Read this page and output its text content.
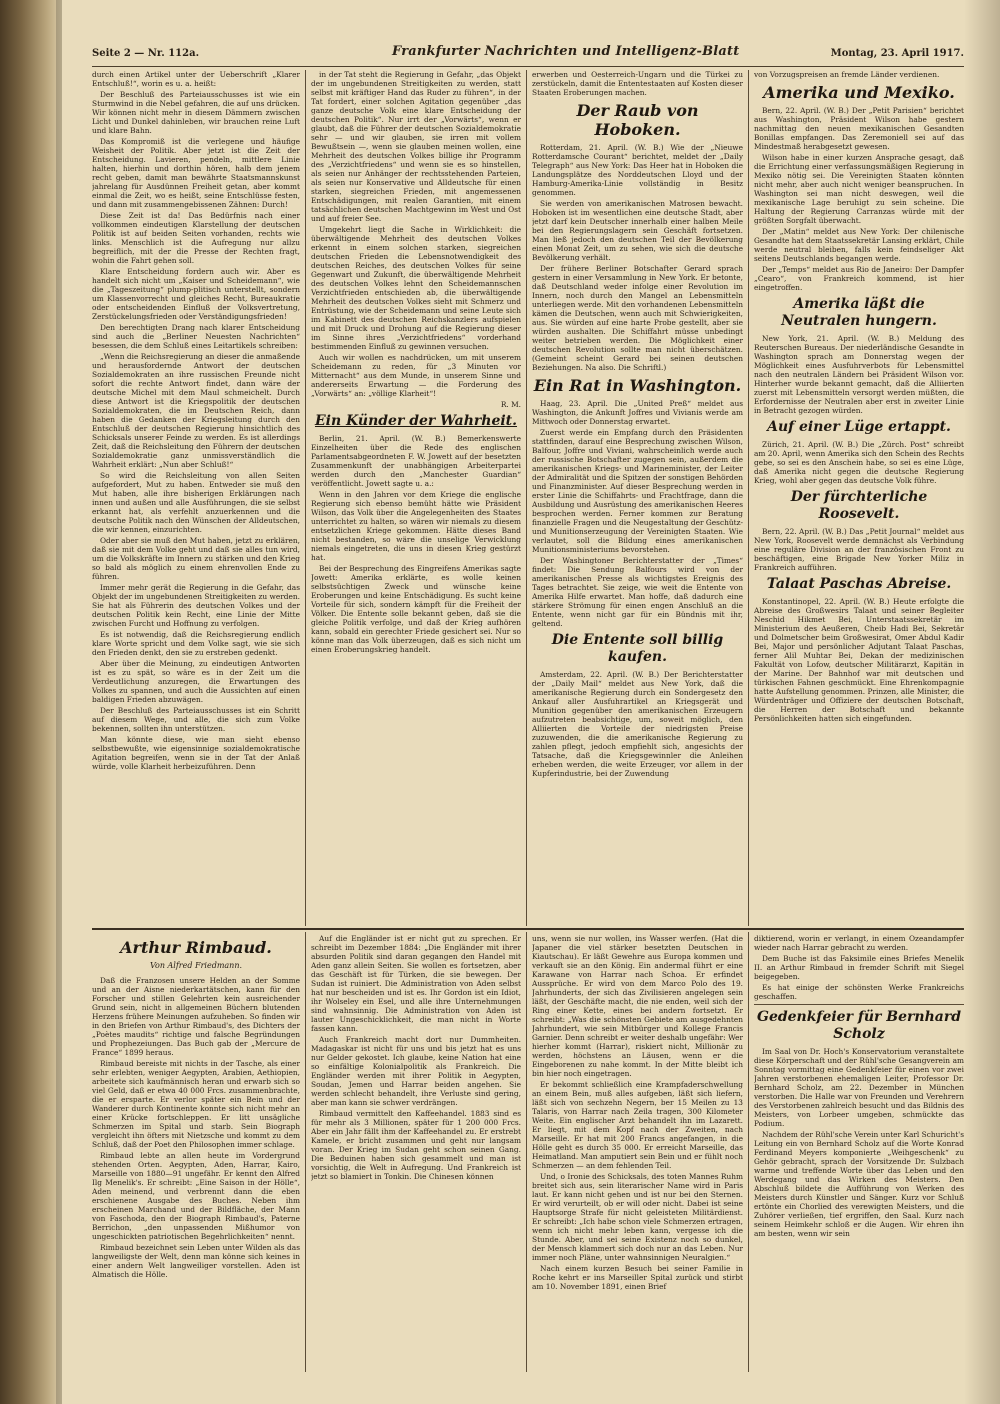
Seite 2 — Nr. 112a.	Frankfurter Nachrichten und Intelligenz-Blatt	Montag, 23. April 1917.

durch einen Artikel unter der Ueberschrift „Klarer Entschluß!“, worin es u. a. heißt:

Der Beschluß des Parteiausschusses ist wie ein Sturmwind in die Nebel gefahren, die auf uns drücken. Wir können nicht mehr in diesem Dämmern zwischen Licht und Dunkel dahinleben, wir brauchen reine Luft und klare Bahn.

Das Kompromiß ist die verlegene und häufige Weisheit der Politik. Aber jetzt ist die Zeit der Entscheidung. Lavieren, pendeln, mittlere Linie halten, hierhin und dorthin hören, halb dem jenem recht geben, damit man bewährte Staatsmannskunst jahrelang für Ausdünnen Freiheit getan, aber kommt einmal die Zeit, wo es heißt, seine Entschlüsse festen, und dann mit zusammengebissenen Zähnen: Durch!

Diese Zeit ist da! Das Bedürfnis nach einer vollkommen eindeutigen Klarstellung der deutschen Politik ist auf beiden Seiten vorhanden, rechts wie links. Menschlich ist die Aufregung nur allzu begreiflich, mit der die Presse der Rechten fragt, wohin die Fahrt gehen soll.

Klare Entscheidung fordern auch wir. Aber es handelt sich nicht um „Kaiser und Scheidemann“, wie die „Tageszeitung“ plump-plitisch unterstellt, sondern um Klassenvorrecht und gleiches Recht, Bureaukratie oder entscheidenden Einfluß der Volksvertretung, Zerstückelungsfrieden oder Verständigungsfrieden!

Den berechtigten Drang nach klarer Entscheidung sind auch die „Berliner Neuesten Nachrichten“ besessen, die dem Schluß eines Leitartikels schreiben:

„Wenn die Reichsregierung an dieser die anmaßende und herausfordernde Antwort der deutschen Sozialdemokraten an ihre russischen Freunde nicht sofort die rechte Antwort findet, dann wäre der deutsche Michel mit dem Maul schmeichelt. Durch diese Antwort ist die Kriegspolitik der deutschen Sozialdemokraten, die im Deutschen Reich, dann haben die Gedanken der Kriegsleitung durch den Entschluß der deutschen Regierung hinsichtlich des Schicksals unserer Feinde zu werden. Es ist allerdings Zeit, daß die Reichsleitung den Führern der deutschen Sozialdemokratie ganz unmissverständlich die Wahrheit erklärt: „Nun aber Schluß!“

So wird die Reichsleitung von allen Seiten aufgefordert, Mut zu haben. Entweder sie muß den Mut haben, alle ihre bisherigen Erklärungen nach innen und außen und alle Ausführungen, die sie selbst erkannt hat, als verfehlt anzuerkennen und die deutsche Politik nach den Wünschen der Alldeutschen, die wir kennen, einzurichten.

Oder aber sie muß den Mut haben, jetzt zu erklären, daß sie mit dem Volke geht und daß sie alles tun wird, um die Volkskräfte im Innern zu stärken und den Krieg so bald als möglich zu einem ehrenvollen Ende zu führen.

Immer mehr gerät die Regierung in die Gefahr, das Objekt der im ungebundenen Streitigkeiten zu werden. Sie hat als Führerin des deutschen Volkes und der deutschen Politik kein Recht, eine Linie der Mitte zwischen Furcht und Hoffnung zu verfolgen.

Es ist notwendig, daß die Reichsregierung endlich klare Worte spricht und dem Volke sagt, wie sie sich den Frieden denkt, den sie zu erstreben gedenkt.

Aber über die Meinung, zu eindeutigen Antworten ist es zu spät, so wäre es in der Zeit um die Verdeutlichung anzuregen, die Erwartungen des Volkes zu spannen, und auch die Aussichten auf einen baldigen Frieden abzuwägen.

Der Beschluß des Parteiausschusses ist ein Schritt auf diesem Wege, und alle, die sich zum Volke bekennen, sollten ihn unterstützen.

Man könnte diese, wie man sieht ebenso selbstbewußte, wie eigensinnige sozialdemokratische Agitation begreifen, wenn sie in der Tat der Anlaß würde, volle Klarheit herbeizuführen. Denn

in der Tat steht die Regierung in Gefahr, „das Objekt der im ungebundenen Streitigkeiten zu werden, statt selbst mit kräftiger Hand das Ruder zu führen“, in der Tat fordert, einer solchen Agitation gegenüber „das ganze deutsche Volk eine klare Entscheidung der deutschen Politik“. Nur irrt der „Vorwärts“, wenn er glaubt, daß die Führer der deutschen Sozialdemokratie sehr — und wir glauben, sie irren mit vollem Bewußtsein —, wenn sie glauben meinen wollen, eine Mehrheit des deutschen Volkes billige ihr Programm des „Verzichtfriedens“ und wenn sie es so hinstellen, als seien nur Anhänger der rechtsstehenden Parteien, als seien nur Konservative und Alldeutsche für einen starken, siegreichen Frieden, mit angemessenen Entschädigungen, mit realen Garantien, mit einem tatsächlichen deutschen Machtgewinn im West und Ost und auf freier See.

Umgekehrt liegt die Sache in Wirklichkeit: die überwältigende Mehrheit des deutschen Volkes erkennt in einem solchen starken, siegreichen deutschen Frieden die Lebensnotwendigkeit des deutschen Reiches, des deutschen Volkes für seine Gegenwart und Zukunft, die überwältigende Mehrheit des deutschen Volkes lehnt den Scheidemannschen Verzichtfrieden entschieden ab, die überwältigende Mehrheit des deutschen Volkes sieht mit Schmerz und Entrüstung, wie der Scheidemann und seine Leute sich im Kabinett des deutschen Reichskanzlers aufspielen und mit Druck und Drohung auf die Regierung dieser im Sinne ihres „Verzichtfriedens“ vorderhand bestimmenden Einfluß zu gewinnen versuchen.

Auch wir wollen es nachdrücken, um mit unserem Scheidemann zu reden, für „3 Minuten vor Mitternacht“ aus dem Munde, in unserem Sinne und andererseits Erwartung — die Forderung des „Vorwärts“ an: „völlige Klarheit“!

R. M.
Ein Künder der Wahrheit.

Berlin, 21. April. (W. B.) Bemerkenswerte Einzelheiten über die Rede des englischen Parlamentsabgeordneten F. W. Jowett auf der besetzten Zusammenkunft der unabhängigen Arbeiterpartei werden durch den „Manchester Guardian“ veröffentlicht. Jowett sagte u. a.:

Wenn in den Jahren vor dem Kriege die englische Regierung sich ebenso bemüht hätte wie Präsident Wilson, das Volk über die Angelegenheiten des Staates unterrichtet zu halten, so wären wir niemals zu diesem entsetzlichen Kriege gekommen. Hätte dieses Band nicht bestanden, so wäre die unselige Verwicklung niemals eingetreten, die uns in diesen Krieg gestürzt hat.

Bei der Besprechung des Eingreifens Amerikas sagte Jowett: Amerika erklärte, es wolle keinen selbstsüchtigen Zweck und wünsche keine Eroberungen und keine Entschädigung. Es sucht keine Vorteile für sich, sondern kämpft für die Freiheit der Völker. Die Entente solle bekannt geben, daß sie die gleiche Politik verfolge, und daß der Krieg aufhören kann, sobald ein gerechter Friede gesichert sei. Nur so könne man das Volk überzeugen, daß es sich nicht um einen Eroberungskrieg handelt.

erwerben und Oesterreich-Ungarn und die Türkei zu zerstückeln, damit die Ententestaaten auf Kosten dieser Staaten Eroberungen machen.

Der Raub von Hoboken.

Rotterdam, 21. April. (W. B.) Wie der „Nieuwe Rotterdamsche Courant“ berichtet, meldet der „Daily Telegraph“ aus New York: Das Heer hat in Hoboken die Landungsplätze des Norddeutschen Lloyd und der Hamburg-Amerika-Linie vollständig in Besitz genommen.

Sie werden von amerikanischen Matrosen bewacht. Hoboken ist im wesentlichen eine deutsche Stadt, aber jetzt darf kein Deutscher innerhalb einer halben Meile bei den Regierungslagern sein Geschäft fortsetzen. Man ließ jedoch den deutschen Teil der Bevölkerung einen Monat Zeit, um zu sehen, wie sich die deutsche Bevölkerung verhält.

Der frühere Berliner Botschafter Gerard sprach gestern in einer Versammlung in New York. Er betonte, daß Deutschland weder infolge einer Revolution im Innern, noch durch den Mangel an Lebensmitteln unterliegen werde. Mit den vorhandenen Lebensmitteln kämen die Deutschen, wenn auch mit Schwierigkeiten, aus. Sie würden auf eine harte Probe gestellt, aber sie würden aushalten. Die Schiffahrt müsse unbedingt weiter betrieben werden. Die Möglichkeit einer deutschen Revolution sollte man nicht überschätzen. (Gemeint scheint Gerard bei seinen deutschen Beziehungen. Na also. Die Schriftl.)

Ein Rat in Washington.

Haag, 23. April. Die „United Preß“ meldet aus Washington, die Ankunft Joffres und Vivianis werde am Mittwoch oder Donnerstag erwartet.

Zuerst werde ein Empfang durch den Präsidenten stattfinden, darauf eine Besprechung zwischen Wilson, Balfour, Joffre und Viviani, wahrscheinlich werde auch der russische Botschafter zugegen sein, außerdem die amerikanischen Kriegs- und Marineminister, der Leiter der Admiralität und die Spitzen der sonstigen Behörden und Finanzminister. Auf dieser Besprechung werden in erster Linie die Schiffahrts- und Frachtfrage, dann die Ausbildung und Ausrüstung des amerikanischen Heeres besprochen werden. Ferner kommen zur Beratung finanzielle Fragen und die Neugestaltung der Geschütz- und Munitionserzeugung der Vereinigten Staaten. Wie verlautet, soll die Bildung eines amerikanischen Munitionsministeriums bevorstehen.

Der Washingtoner Berichterstatter der „Times“ findet: Die Sendung Balfours wird von der amerikanischen Presse als wichtigstes Ereignis des Tages betrachtet. Sie zeige, wie weit die Entente von Amerika Hilfe erwartet. Man hoffe, daß dadurch eine stärkere Strömung für einen engen Anschluß an die Entente, wenn nicht gar für ein Bündnis mit ihr, geltend.

Die Entente soll billig kaufen.

Amsterdam, 22. April. (W. B.) Der Berichterstatter der „Daily Mail“ meldet aus New York, daß die amerikanische Regierung durch ein Sondergesetz den Ankauf aller Ausfuhrartikel an Kriegsgerät und Munition gegenüber den amerikanischen Erzeugern aufzutreten beabsichtige, um, soweit möglich, den Alliierten die Vorteile der niedrigsten Preise zuzuwenden, die die amerikanische Regierung zu zahlen pflegt, jedoch empfiehlt sich, angesichts der Tatsache, daß die Kriegsgewinnler die Anleihen erheben werden, die weite Erzeuger, vor allem in der Kupferindustrie, bei der Zuwendung

von Vorzugspreisen an fremde Länder verdienen.

Amerika und Mexiko.

Bern, 22. April. (W. B.) Der „Petit Parisien“ berichtet aus Washington, Präsident Wilson habe gestern nachmittag den neuen mexikanischen Gesandten Bonillas empfangen. Das Zeremoniell sei auf das Mindestmaß herabgesetzt gewesen.

Wilson habe in einer kurzen Ansprache gesagt, daß die Errichtung einer verfassungsmäßigen Regierung in Mexiko nötig sei. Die Vereinigten Staaten könnten nicht mehr, aber auch nicht weniger beanspruchen. In Washington sei man nicht deswegen, weil die mexikanische Lage beruhigt zu sein scheine. Die Haltung der Regierung Carranzas würde mit der größten Sorgfalt überwacht.

Der „Matin“ meldet aus New York: Der chilenische Gesandte hat dem Staatssekretär Lansing erklärt, Chile werde neutral bleiben, falls kein feindseliger Akt seitens Deutschlands begangen werde.

Der „Temps“ meldet aus Rio de Janeiro: Der Dampfer „Cearo“, von Frankreich kommend, ist hier eingetroffen.

Amerika läßt die Neutralen hungern.

New York, 21. April. (W. B.) Meldung des Reuterschen Bureaus. Der niederländische Gesandte in Washington sprach am Donnerstag wegen der Möglichkeit eines Ausfuhrverbots für Lebensmittel nach den neutralen Ländern bei Präsident Wilson vor. Hinterher wurde bekannt gemacht, daß die Alliierten zuerst mit Lebensmitteln versorgt werden müßten, die Erfordernisse der Neutralen aber erst in zweiter Linie in Betracht gezogen würden.

Auf einer Lüge ertappt.

Zürich, 21. April. (W. B.) Die „Zürch. Post“ schreibt am 20. April, wenn Amerika sich den Schein des Rechts gebe, so sei es den Anschein habe, so sei es eine Lüge, daß Amerika nicht gegen die deutsche Regierung Krieg, wohl aber gegen das deutsche Volk führe.

Der fürchterliche Roosevelt.

Bern, 22. April. (W. B.) Das „Petit Journal“ meldet aus New York, Roosevelt werde demnächst als Verbindung eine reguläre Division an der französischen Front zu beschäftigen, eine Brigade New Yorker Miliz in Frankreich aufführen.

Talaat Paschas Abreise.

Konstantinopel, 22. April. (W. B.) Heute erfolgte die Abreise des Großwesirs Talaat und seiner Begleiter Neschid Hikmet Bei, Unterstaatssekretär im Ministerium des Aeußeren, Cheib Hadi Bei, Sekretär und Dolmetscher beim Großwesirat, Omer Abdul Kadir Bei, Major und persönlicher Adjutant Talaat Paschas, ferner Alil Muhtar Bei, Dekan der medizinischen Fakultät von Lofow, deutscher Militärarzt, Kapitän in der Marine. Der Bahnhof war mit deutschen und türkischen Fahnen geschmückt. Eine Ehrenkompagnie hatte Aufstellung genommen. Prinzen, alle Minister, die Würdenträger und Offiziere der deutschen Botschaft, die Herren der Botschaft und bekannte Persönlichkeiten hatten sich eingefunden.

Arthur Rimbaud.
Von Alfred Friedmann.

Daß die Franzosen unsere Helden an der Somme und an der Aisne niederkartätschen, kann für den Forscher und stillen Gelehrten kein ausreichender Grund sein, nicht in allgemeinen Büchern blutenden Herzens frühere Meinungen aufzuheben. So finden wir in den Briefen von Arthur Rimbaud's, des Dichters der „Poètes maudits“ richtige und falsche Begründungen und Prophezeiungen. Das Buch gab der „Mercure de France“ 1899 heraus.

Rimbaud bereiste mit nichts in der Tasche, als einer sehr erlebten, weniger Aegypten, Arabien, Aethiopien, arbeitete sich kaufmännisch heran und erwarb sich so viel Geld, daß er etwa 40 000 Frcs. zusammenbrachte, die er ersparte. Er verlor später ein Bein und der Wanderer durch Kontinente konnte sich nicht mehr an einer Krücke fortschleppen. Er litt unsägliche Schmerzen im Spital und starb. Sein Biograph vergleicht ihn öfters mit Nietzsche und kommt zu dem Schluß, daß der Poet den Philosophen immer schlage.

Rimbaud lebte an allen heute im Vordergrund stehenden Orten. Aegypten, Aden, Harrar, Kairo, Marseille von 1880—91 ungefähr. Er kennt den Alfred Ilg Menelik's. Er schreibt: „Eine Saison in der Hölle“, Aden meinend, und verbrennt dann die eben erschienene Ausgabe des Buches. Neben ihm erscheinen Marchand und der Bildfläche, der Mann von Faschoda, den der Biograph Rimbaud's, Paterne Berrichon, „den unpassenden Mißhumor von ungeschickten patriotischen Begehrlichkeiten“ nennt.

Rimbaud bezeichnet sein Leben unter Wilden als das langweiligste der Welt, denn man könne sich keines in einer andern Welt langweiliger vorstellen. Aden ist Almatisch die Hölle.

Auf die Engländer ist er nicht gut zu sprechen. Er schreibt im Dezember 1884: „Die Engländer mit ihrer absurden Politik sind daran gegangen den Handel mit Aden ganz allein Seiten. Sie wollen es fortsetzen, aber das Geschäft ist für Türken, die sie bewegen. Der Sudan ist ruiniert. Die Administration von Aden selbst hat nur bescheiden und ist es. Ihr Gordon ist ein Idiot, ihr Wolseley ein Esel, und alle ihre Unternehmungen sind wahnsinnig. Die Administration von Aden ist lauter Ungeschicklichkeit, die man nicht in Worte fassen kann.

Auch Frankreich macht dort nur Dummheiten. Madagaskar ist nicht für uns und bis jetzt hat es uns nur Gelder gekostet. Ich glaube, keine Nation hat eine so einfältige Kolonialpolitik als Frankreich. Die Engländer werden mit ihrer Politik in Aegypten, Soudan, Jemen und Harrar beiden angehen. Sie werden schlecht behandelt, ihre Verluste sind gering, aber man kann sie schwer verdrängen.

Rimbaud vermittelt den Kaffeehandel. 1883 sind es für mehr als 3 Millionen, später für 1 200 000 Frcs. Aber ein Jahr fällt ihm der Kaffeehandel zu. Er erstrebt Kamele, er bricht zusammen und geht nur langsam voran. Der Krieg im Sudan geht schon seinen Gang. Die Beduinen haben sich gesammelt und man ist vorsichtig, die Welt in Aufregung. Und Frankreich ist jetzt so blamiert in Tonkin. Die Chinesen können

uns, wenn sie nur wollen, ins Wasser werfen. (Hat die Japaner die viel stärker besetzten Deutschen in Kiautschau). Er läßt Gewehre aus Europa kommen und verkauft sie an den König. Ein andermal führt er eine Karawane von Harrar nach Schoa. Er erfindet Aussprüche. Er wird von dem Marco Polo des 19. Jahrhunderts, der sich das Zivilisieren angelegen sein läßt, der Geschäfte macht, die nie enden, weil sich der Ring einer Kette, eines bei andern fortsetzt. Er schreibt: „Was die schönsten Gebiete am ausgedehnten Jahrhundert, wie sein Mitbürger und Kollege Francis Garnier. Denn schreibt er weiter deshalb ungefähr: Wer hierher kommt (Harrar), riskiert nicht, Millionär zu werden, höchstens an Läusen, wenn er die Eingeborenen zu nahe kommt. In der Mitte bleibt ich bin hier noch eingetragen.

Er bekommt schließlich eine Krampfaderschwellung an einem Bein, muß alles aufgeben, läßt sich liefern, läßt sich von sechzehn Negern, ber 15 Meilen zu 13 Talaris, von Harrar nach Zeila tragen, 300 Kilometer Weite. Ein englischer Arzt behandelt ihn im Lazarett. Er liegt, mit dem Kopf nach der Zweiten, nach Marseille. Er hat mit 200 Francs angefangen, in die Hölle geht es durch 35 000. Er erreicht Marseille, das Heimatland. Man amputiert sein Bein und er fühlt noch Schmerzen — an dem fehlenden Teil.

Und, o Ironie des Schicksals, des toten Mannes Ruhm breitet sich aus, sein literarischer Name wird in Paris laut. Er kann nicht gehen und ist nur bei den Sternen. Er wird verurteilt, ob er will oder nicht. Dabei ist seine Hauptsorge Strafe für nicht geleisteten Militärdienst. Er schreibt: „Ich habe schon viele Schmerzen ertragen, wenn ich nicht mehr leben kann, vergesse ich die Stunde. Aber, und sei seine Existenz noch so dunkel, der Mensch klammert sich doch nur an das Leben. Nur immer noch Pläne, unter wahnsinnigen Neuralgien.“

Nach einem kurzen Besuch bei seiner Familie in Roche kehrt er ins Marseiller Spital zurück und stirbt am 10. November 1891, einen Brief

diktierend, worin er verlangt, in einem Ozeandampfer wieder nach Harrar gebracht zu werden.

Dem Buche ist das Faksimile eines Briefes Menelik II. an Arthur Rimbaud in fremder Schrift mit Siegel beigegeben.

Es hat einige der schönsten Werke Frankreichs geschaffen.

Gedenkfeier für Bernhard Scholz

Im Saal von Dr. Hoch's Konservatorium veranstaltete diese Körperschaft und der Rühl'sche Gesangverein am Sonntag vormittag eine Gedenkfeier für einen vor zwei Jahren verstorbenen ehemaligen Leiter, Professor Dr. Bernhard Scholz, am 22. Dezember in München verstorben. Die Halle war von Freunden und Verehrern des Verstorbenen zahlreich besucht und das Bildnis des Meisters, von Lorbeer umgeben, schmückte das Podium.

Nachdem der Rühl'sche Verein unter Karl Schuricht's Leitung ein von Bernhard Scholz auf die Worte Konrad Ferdinand Meyers komponierte „Weihgeschenk“ zu Gehör gebracht, sprach der Vorsitzende Dr. Sulzbach warme und treffende Worte über das Leben und den Werdegang und das Wirken des Meisters. Den Abschluß bildete die Aufführung von Werken des Meisters durch Künstler und Sänger. Kurz vor Schluß ertönte ein Chorlied des verewigten Meisters, und die Zuhörer verließen, tief ergriffen, den Saal. Kurz nach seinem Heimkehr schloß er die Augen. Wir ehren ihn am besten, wenn wir sein
